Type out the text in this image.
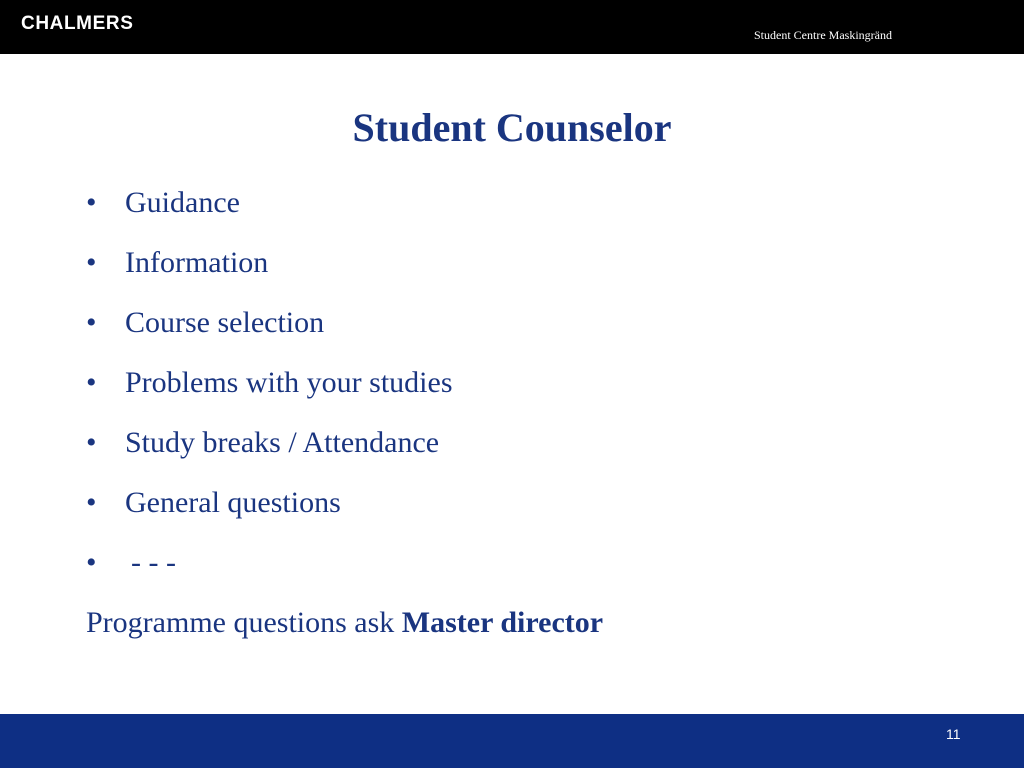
CHALMERS
Student Centre Maskingränd
Student Counselor
• Guidance
• Information
• Course selection
• Problems with your studies
• Study breaks / Attendance
• General questions
•	- - -
Programme questions ask Master director
11
